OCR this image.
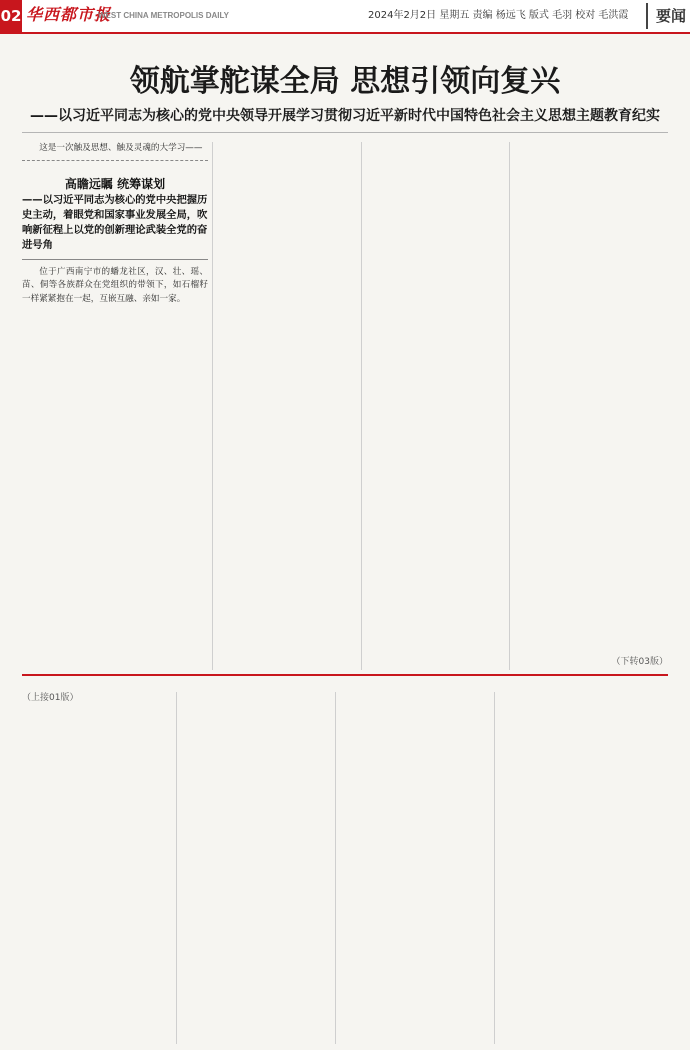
02 华西都市报
WEST CHINA METROPOLIS DAILY	2024年2月2日 星期五 责编 杨远飞 版式 毛羽 校对 毛洪霞	要闻
领航掌舵谋全局 思想引领向复兴
——以习近平同志为核心的党中央领导开展学习贯彻习近平新时代中国特色社会主义思想主题教育纪实

这是一次触及思想、触及灵魂的大学习——

高瞻远瞩 统筹谋划
——以习近平同志为核心的党中央把握历史主动，着眼党和国家事业发展全局，吹响新征程上以党的创新理论武装全党的奋进号角

位于广西南宁市的蟠龙社区，汉、壮、瑶、苗、侗等各族群众在党组织的带领下，如石榴籽一样紧紧抱在一起，互嵌互融、亲如一家。

（下转03版）
（上接01版）
